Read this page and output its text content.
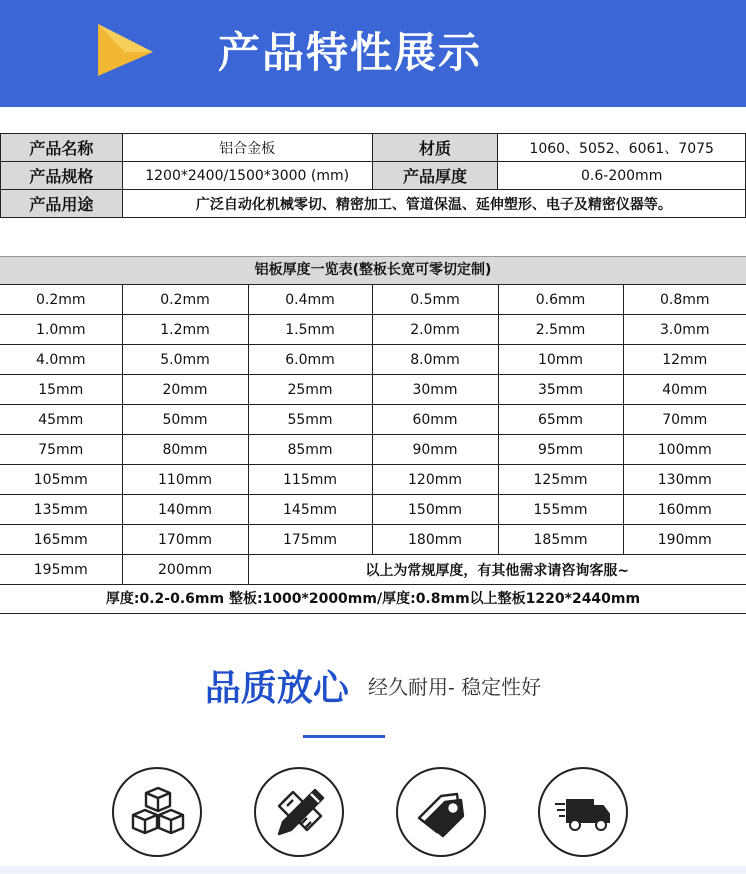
产品特性展示
产品名称	铝合金板	材质	1060、5052、6061、7075
产品规格	1200*2400/1500*3000 (mm)	产品厚度	0.6-200mm
产品用途	广泛自动化机械零切、精密加工、管道保温、延伸塑形、电子及精密仪器等。		
铝板厚度一览表(整板长宽可零切定制)
0.2mm	0.2mm	0.4mm	0.5mm	0.6mm	0.8mm
1.0mm	1.2mm	1.5mm	2.0mm	2.5mm	3.0mm
4.0mm	5.0mm	6.0mm	8.0mm	10mm	12mm
15mm	20mm	25mm	30mm	35mm	40mm
45mm	50mm	55mm	60mm	65mm	70mm
75mm	80mm	85mm	90mm	95mm	100mm
105mm	110mm	115mm	120mm	125mm	130mm
135mm	140mm	145mm	150mm	155mm	160mm
165mm	170mm	175mm	180mm	185mm	190mm
195mm	200mm	以上为常规厚度，有其他需求请咨询客服~			
厚度:0.2-0.6mm 整板:1000*2000mm/厚度:0.8mm以上整板1220*2440mm
品质放心 经久耐用- 稳定性好
